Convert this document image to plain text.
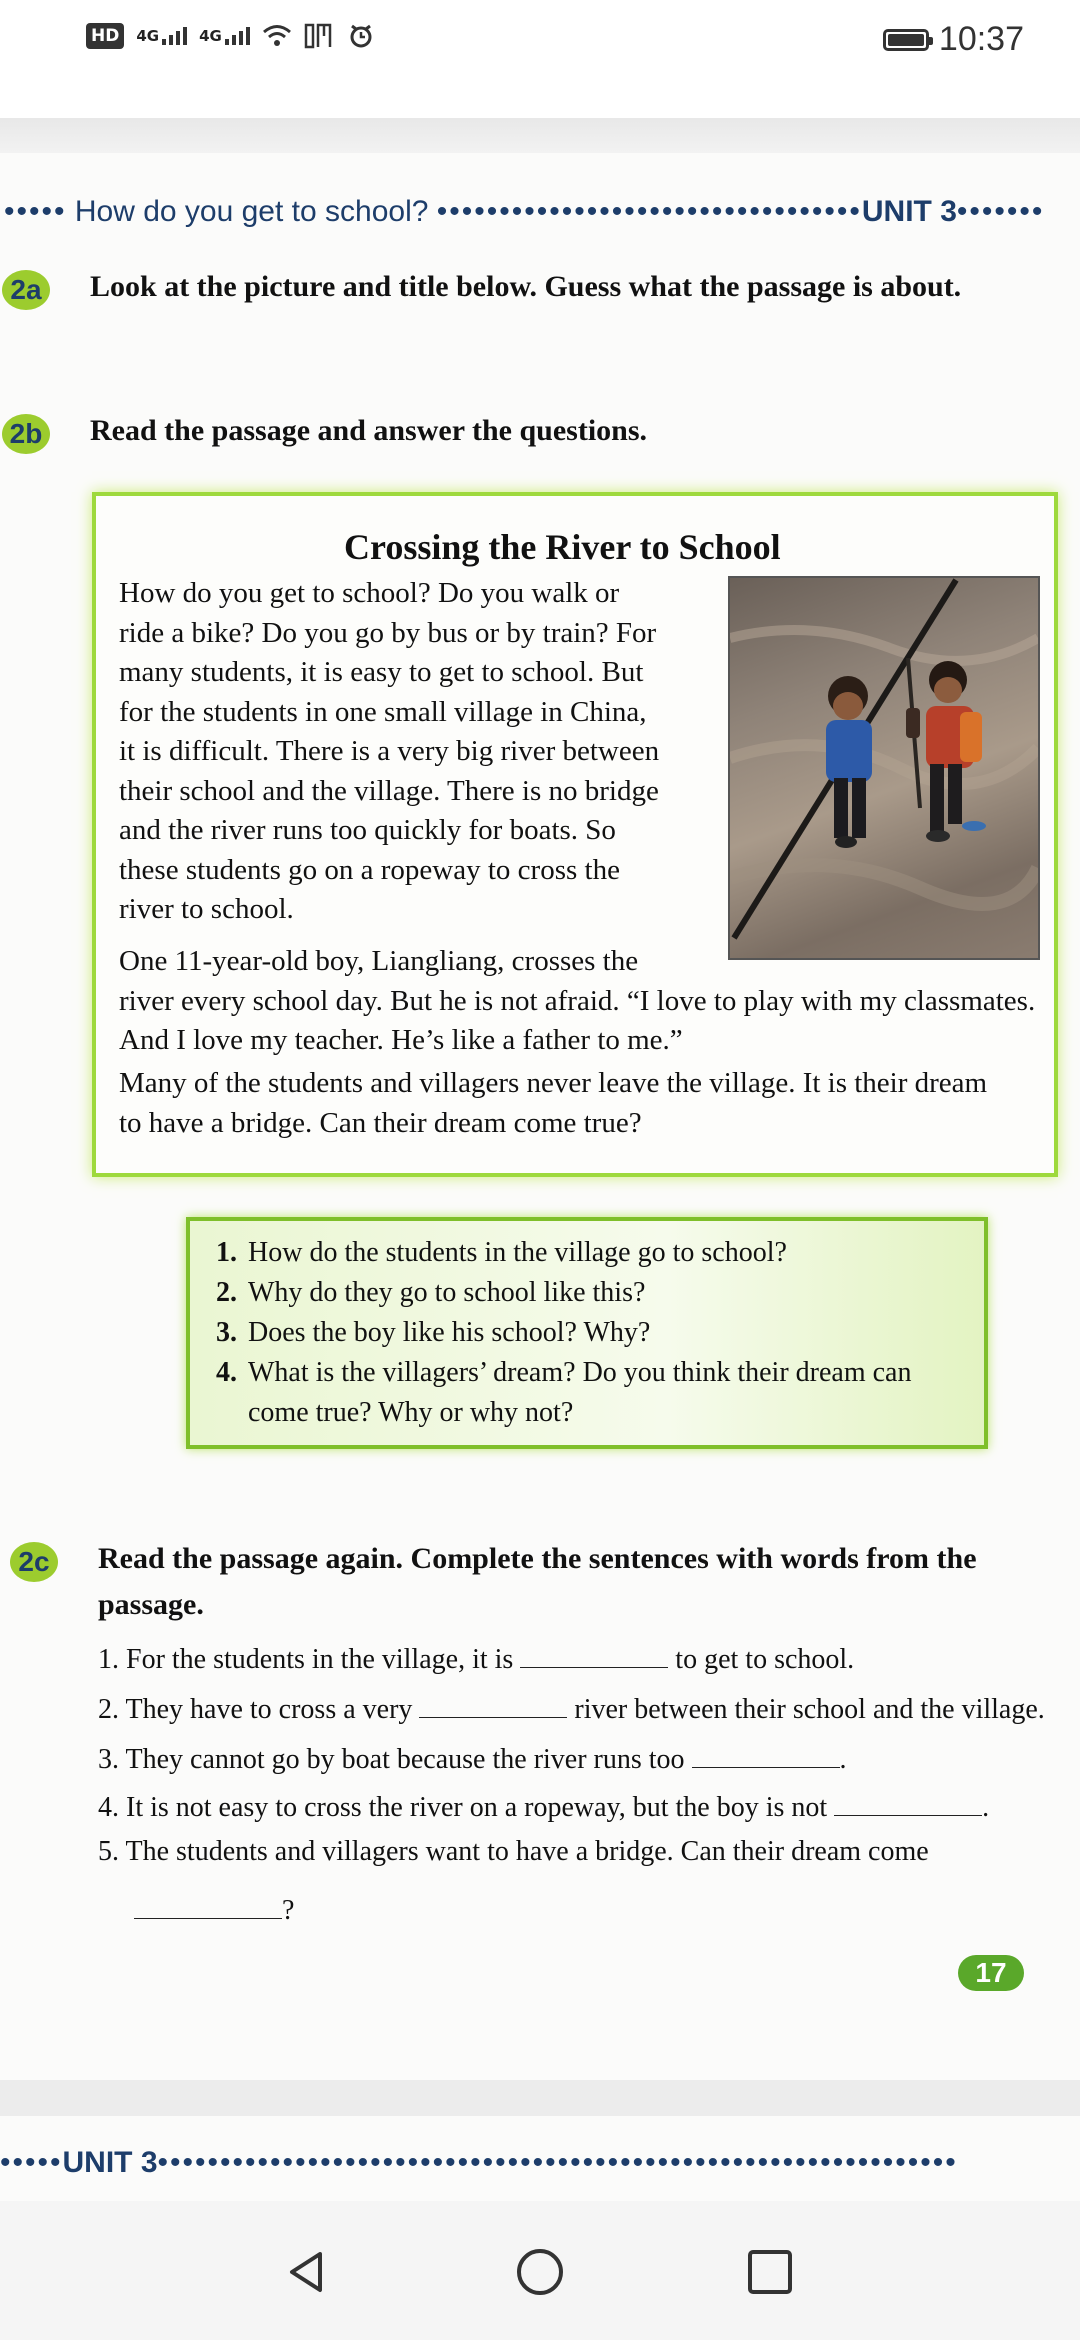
HD	4G	4G	10:37
••••• How do you get to school? ••••••••••••••••••••••••••••••••••UNIT 3•••••••
2a Look at the picture and title below. Guess what the passage is about.
2b Read the passage and answer the questions.
Crossing the River to School

How do you get to school? Do you walk or

ride a bike? Do you go by bus or by train? For

many students, it is easy to get to school. But

for the students in one small village in China,

it is difficult. There is a very big river between

their school and the village. There is no bridge

and the river runs too quickly for boats. So

these students go on a ropeway to cross the

river to school.

One 11-year-old boy, Liangliang, crosses the
river every school day. But he is not afraid. “I love to play with my classmates.
And I love my teacher. He’s like a father to me.”
Many of the students and villagers never leave the village. It is their dream
to have a bridge. Can their dream come true?
1. How do the students in the village go to school?
2. Why do they go to school like this?
3. Does the boy like his school? Why?
4. What is the villagers’ dream? Do you think their dream can
come true? Why or why not?
2c Read the passage again. Complete the sentences with words from the
passage.
1. For the students in the village, it is	to get to school.
2. They have to cross a very	river between their school and the village.
3. They cannot go by boat because the river runs too	.
4. It is not easy to cross the river on a ropeway, but the boy is not	.
5. The students and villagers want to have a bridge. Can their dream come
?
17
•••••UNIT 3••••••••••••••••••••••••••••••••••••••••••••••••••••••••••••••••
